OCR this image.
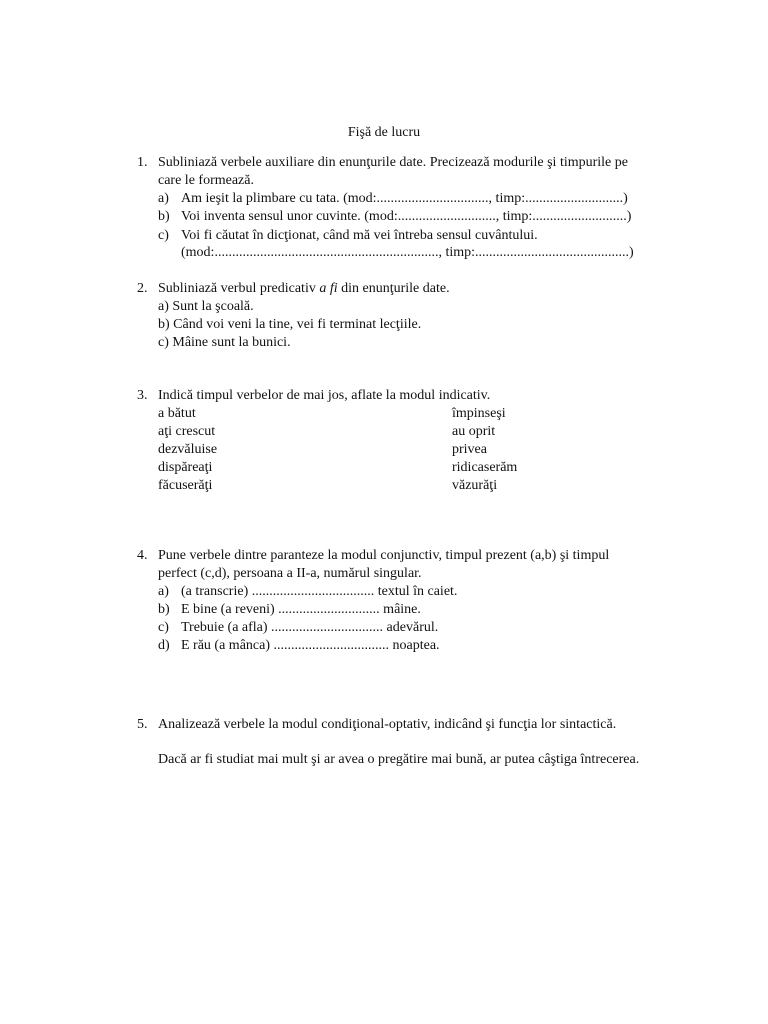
Fişă de lucru
1. Subliniază verbele auxiliare din enunţurile date. Precizează modurile şi timpurile pe
care le formează.
a) Am ieşit la plimbare cu tata. (mod:................................, timp:............................)
b) Voi inventa sensul unor cuvinte. (mod:............................, timp:...........................)
c) Voi fi căutat în dicţionat, când mă vei întreba sensul cuvântului.
(mod:................................................................, timp:............................................)
2. Subliniază verbul predicativ a fi din enunţurile date.
a) Sunt la şcoală.
b) Când voi veni la tine, vei fi terminat lecţiile.
c) Mâine sunt la bunici.
3. Indică timpul verbelor de mai jos, aflate la modul indicativ.
a bătut	împinseşi
aţi crescut	au oprit
dezvăluise	privea
dispăreaţi	ridicaserăm
făcuserăţi	văzurăţi
4. Pune verbele dintre paranteze la modul conjunctiv, timpul prezent (a,b) şi timpul
perfect (c,d), persoana a II-a, numărul singular.
a) (a transcrie) ................................... textul în caiet.
b) E bine (a reveni) ............................. mâine.
c) Trebuie (a afla) ................................ adevărul.
d) E rău (a mânca) ................................. noaptea.
5. Analizează verbele la modul condiţional-optativ, indicând şi funcţia lor sintactică.
Dacă ar fi studiat mai mult şi ar avea o pregătire mai bună, ar putea câştiga întrecerea.
